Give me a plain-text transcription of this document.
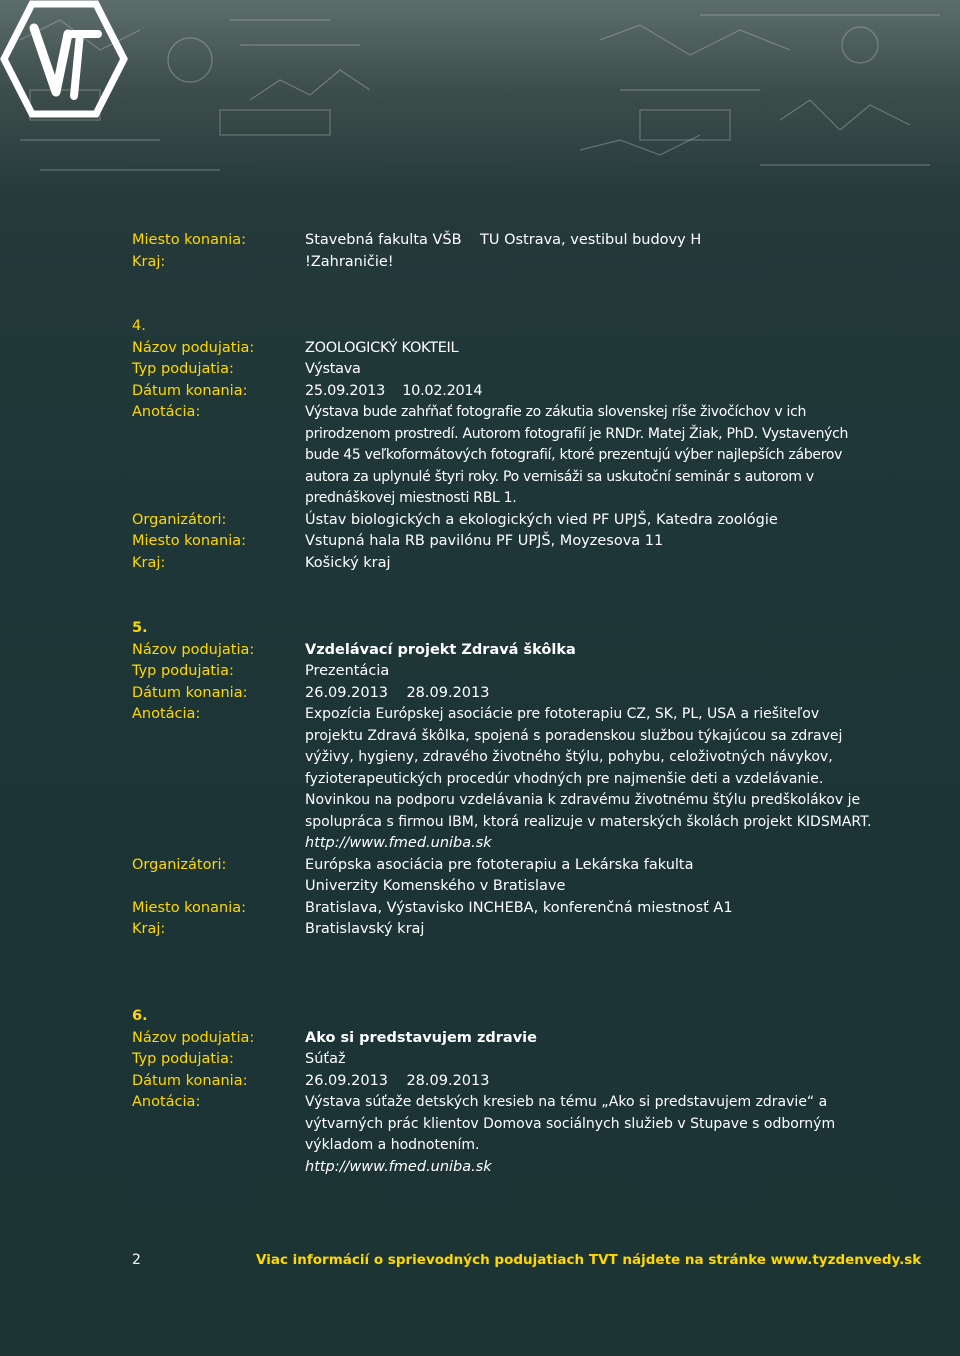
Miesto konania:	Stavebná fakulta VŠB    TU Ostrava, vestibul budovy H
Kraj:	!Zahraničie!
4.
Názov podujatia:	ZOOLOGICKÝ KOKTEIL
Typ podujatia:	Výstava
Dátum konania:	25.09.2013    10.02.2014
Anotácia:	Výstava bude zahŕňať fotografie zo zákutia slovenskej ríše živočíchov v ich prirodzenom prostredí. Autorom fotografií je RNDr. Matej Žiak, PhD. Vystavených bude 45 veľkoformátových fotografií, ktoré prezentujú výber najlepších záberov autora za uplynulé štyri roky. Po vernisáži sa uskutoční seminár s autorom v prednáškovej miestnosti RBL 1.
Organizátori:	Ústav biologických a ekologických vied PF UPJŠ, Katedra zoológie
Miesto konania:	Vstupná hala RB pavilónu PF UPJŠ, Moyzesova 11
Kraj:	Košický kraj
5.
Názov podujatia:	Vzdelávací projekt Zdravá škôlka
Typ podujatia:	Prezentácia
Dátum konania:	26.09.2013    28.09.2013
Anotácia:	Expozícia Európskej asociácie pre fototerapiu CZ, SK, PL, USA a riešiteľov projektu Zdravá škôlka, spojená s poradenskou službou týkajúcou sa zdravej výživy, hygieny, zdravého životného štýlu, pohybu, celoživotných návykov, fyzioterapeutických procedúr vhodných pre najmenšie deti a vzdelávanie. Novinkou na podporu vzdelávania k zdravému životnému štýlu predškolákov je spolupráca s firmou IBM, ktorá realizuje v materských školách projekt KIDSMART.
http://www.fmed.uniba.sk
Organizátori:	Európska asociácia pre fototerapiu a Lekárska fakulta Univerzity Komenského v Bratislave
Miesto konania:	Bratislava, Výstavisko INCHEBA, konferenčná miestnosť A1
Kraj:	Bratislavský kraj
6.
Názov podujatia:	Ako si predstavujem zdravie
Typ podujatia:	Súťaž
Dátum konania:	26.09.2013    28.09.2013
Anotácia:	Výstava súťaže detských kresieb na tému „Ako si predstavujem zdravie“ a výtvarných prác klientov Domova sociálnych služieb v Stupave s odborným výkladom a hodnotením.
http://www.fmed.uniba.sk
2	Viac informácií o sprievodných podujatiach TVT nájdete na stránke www.tyzdenvedy.sk
